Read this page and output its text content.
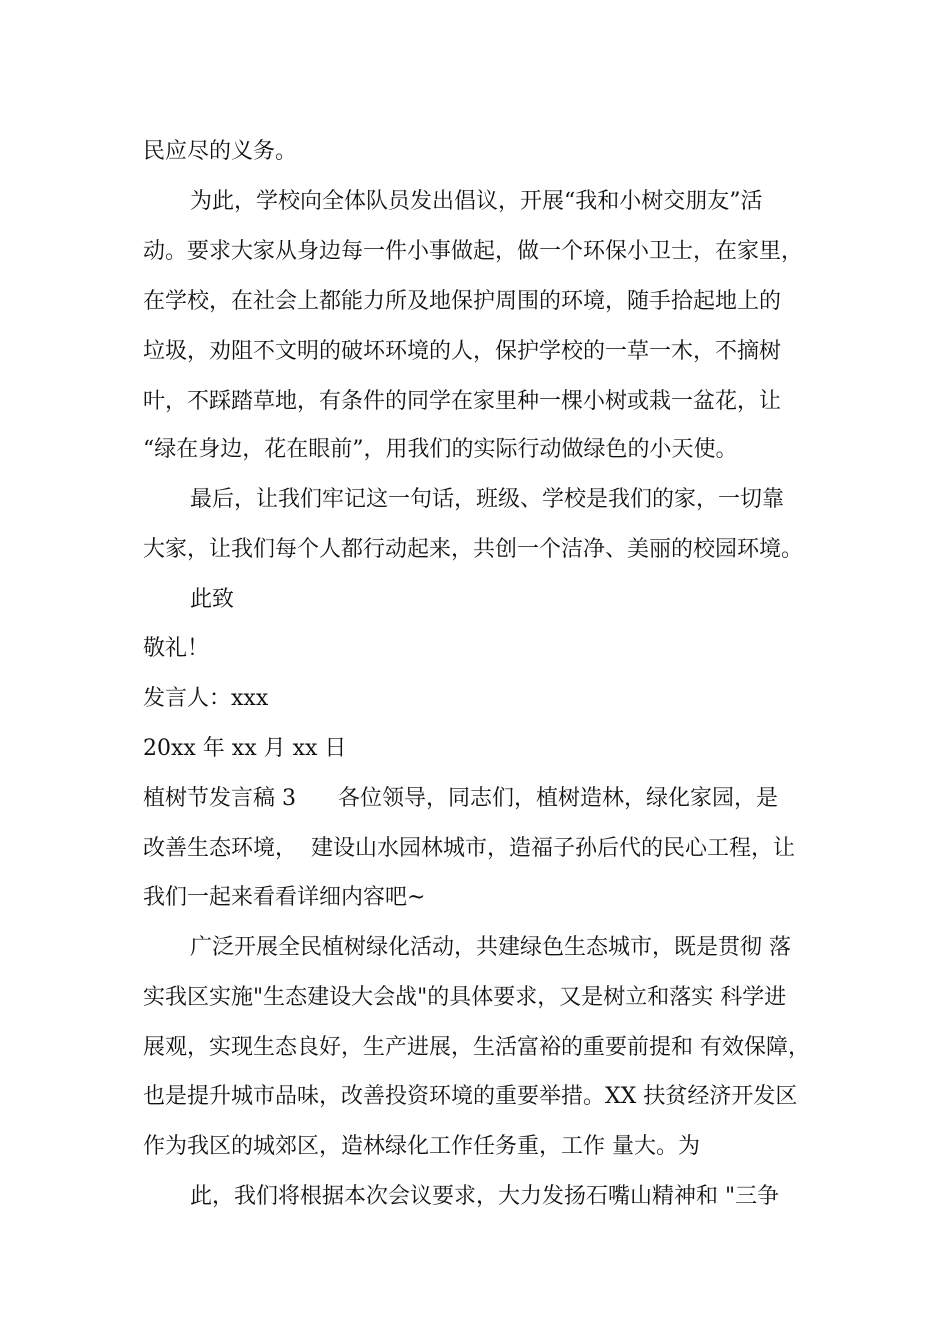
民应尽的义务。
为此，学校向全体队员发出倡议，开展“我和小树交朋友”活
动。要求大家从身边每一件小事做起，做一个环保小卫士，在家里，
在学校，在社会上都能力所及地保护周围的环境，随手拾起地上的
垃圾，劝阻不文明的破坏环境的人，保护学校的一草一木，不摘树
叶，不踩踏草地，有条件的同学在家里种一棵小树或栽一盆花，让
“绿在身边，花在眼前”，用我们的实际行动做绿色的小天使。
最后，让我们牢记这一句话，班级、学校是我们的家，一切靠
大家，让我们每个人都行动起来，共创一个洁净、美丽的校园环境。
此致
敬礼！
发言人：xxx
20xx 年 xx 月 xx 日
植树节发言稿 3      各位领导，同志们，植树造林，绿化家园，是
改善生态环境，  建设山水园林城市，造福子孙后代的民心工程，让
我们一起来看看详细内容吧~
广泛开展全民植树绿化活动，共建绿色生态城市，既是贯彻 落
实我区实施"生态建设大会战"的具体要求，又是树立和落实 科学进
展观，实现生态良好，生产进展，生活富裕的重要前提和 有效保障，
也是提升城市品味，改善投资环境的重要举措。XX 扶贫经济开发区
作为我区的城郊区，造林绿化工作任务重，工作 量大。为
此，我们将根据本次会议要求，大力发扬石嘴山精神和 "三争
